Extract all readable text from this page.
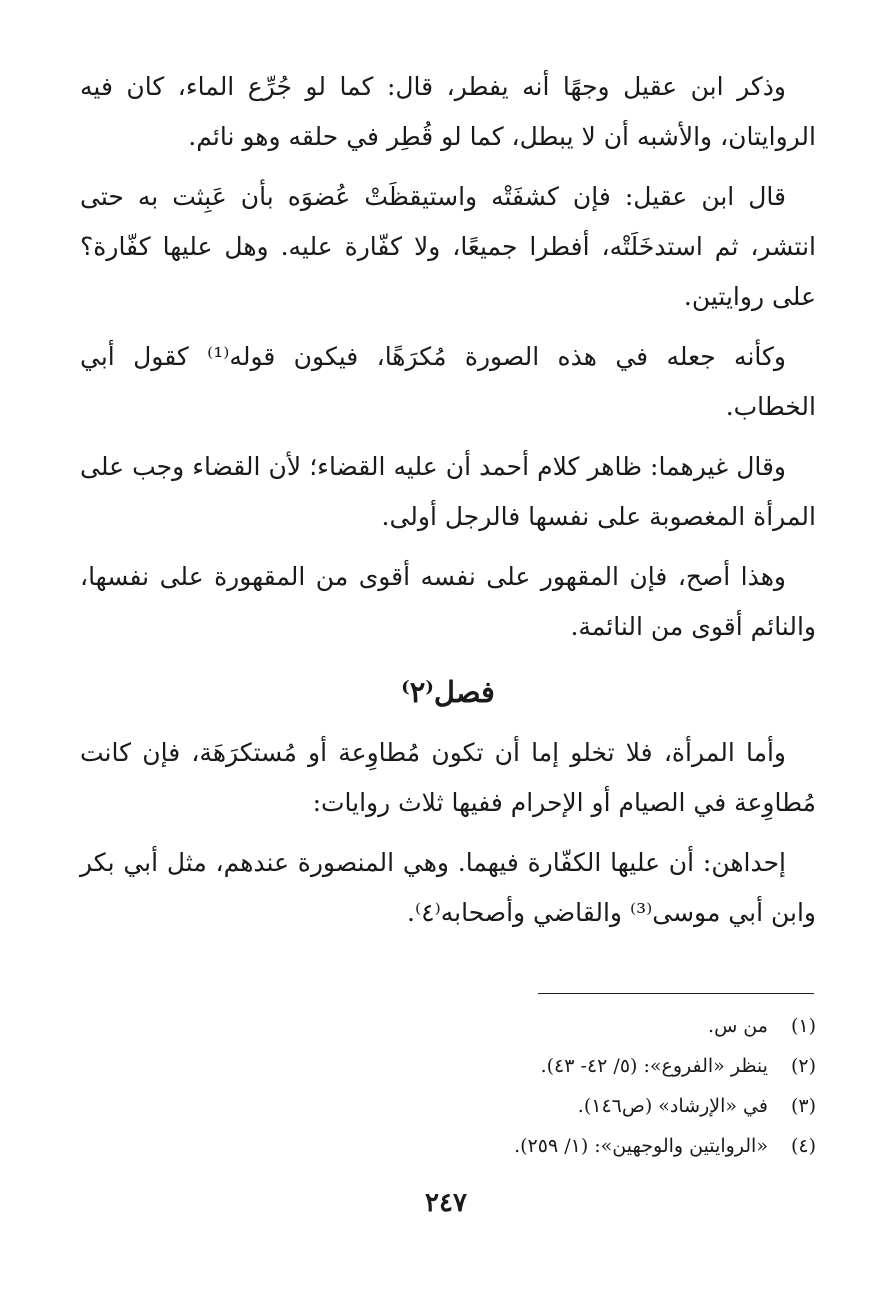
وذكر ابن عقيل وجهًا أنه يفطر، قال: كما لو جُرِّع الماء، كان فيه الروايتان، والأشبه أن لا يبطل، كما لو قُطِر في حلقه وهو نائم.

قال ابن عقيل: فإن كشفَتْه واستيقظَتْ عُضوَه بأن عَبِثت به حتى انتشر، ثم استدخَلَتْه، أفطرا جميعًا، ولا كفّارة عليه. وهل عليها كفّارة؟ على روايتين.

وكأنه جعله في هذه الصورة مُكرَهًا، فيكون قوله⁽¹⁾ كقول أبي الخطاب.

وقال غيرهما: ظاهر كلام أحمد أن عليه القضاء؛ لأن القضاء وجب على المرأة المغصوبة على نفسها فالرجل أولى.

وهذا أصح، فإن المقهور على نفسه أقوى من المقهورة على نفسها، والنائم أقوى من النائمة.

فصل⁽٢⁾

وأما المرأة، فلا تخلو إما أن تكون مُطاوِعة أو مُستكرَهَة، فإن كانت مُطاوِعة في الصيام أو الإحرام ففيها ثلاث روايات:

إحداهن: أن عليها الكفّارة فيهما. وهي المنصورة عندهم، مثل أبي بكر وابن أبي موسى⁽³⁾ والقاضي وأصحابه⁽٤⁾.

(١) من س.
(٢) ينظر «الفروع»: (٥/ ٤٢- ٤٣).
(٣) في «الإرشاد» (ص١٤٦).
(٤) «الروايتين والوجهين»: (١/ ٢٥٩).
٢٤٧
